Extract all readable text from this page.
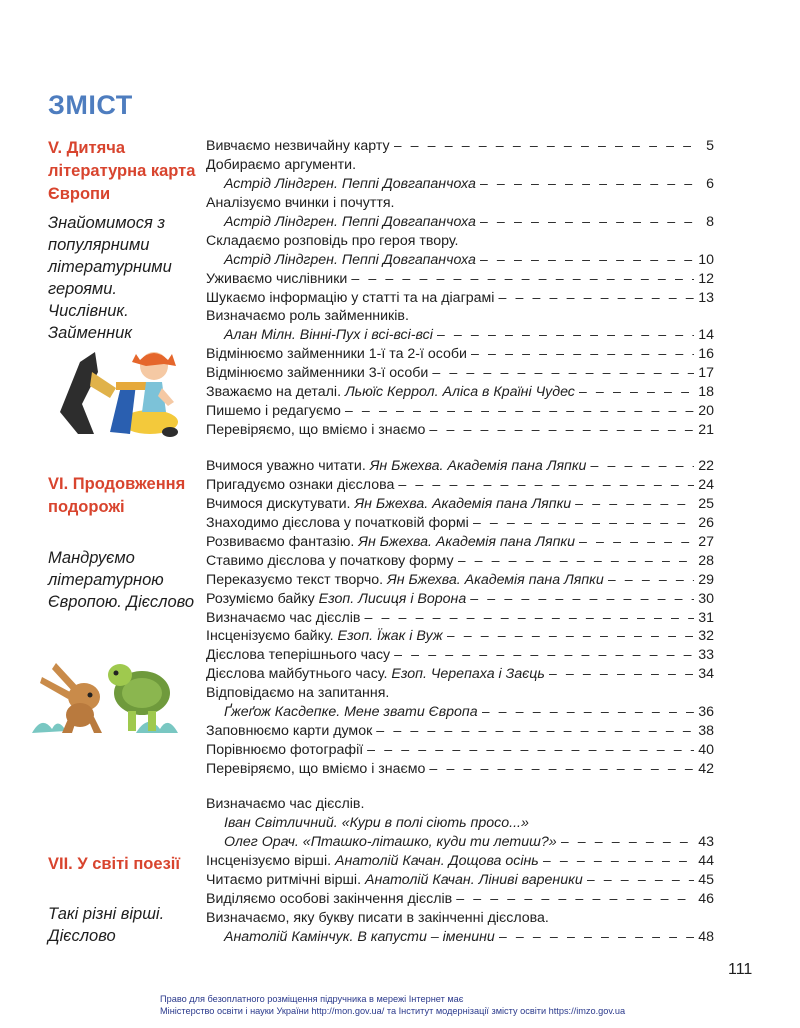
ЗМІСТ
V. Дитяча літературна карта Європи
Знайомимося з популярними літературними героями. Числівник. Займенник
VI. Продовження подорожі
Мандруємо літературною Європою. Дієслово
VII. У світі поезії
Такі різні вірші. Дієслово
Вивчаємо незвичайну карту – – –	5
Добираємо аргументи.
Астрід Ліндгрен. Пеппі Довгапанчоха – – –	6
Аналізуємо вчинки і почуття.
Астрід Ліндгрен. Пеппі Довгапанчоха – – –	8
Складаємо розповідь про героя твору.
Астрід Ліндгрен. Пеппі Довгапанчоха – – –	10
Уживаємо числівники – – –	12
Шукаємо інформацію у статті та на діаграмі – – –	13
Визначаємо роль займенників.
Алан Мілн. Вінні-Пух і всі-всі-всі – – –	14
Відмінюємо займенники 1-ї та 2-ї особи – – –	16
Відмінюємо займенники 3-ї особи – – –	17
Зважаємо на деталі. Льюїс Керрол. Аліса в Країні Чудес – – –	18
Пишемо і редагуємо – – –	20
Перевіряємо, що вміємо і знаємо – – –	21
Вчимося уважно читати. Ян Бжехва. Академія пана Ляпки – – –	22
Пригадуємо ознаки дієслова – – –	24
Вчимося дискутувати. Ян Бжехва. Академія пана Ляпки – – –	25
Знаходимо дієслова у початковій формі – – –	26
Розвиваємо фантазію. Ян Бжехва. Академія пана Ляпки – – –	27
Ставимо дієслова у початкову форму – – –	28
Переказуємо текст творчо. Ян Бжехва. Академія пана Ляпки – – –	29
Розуміємо байку Езоп. Лисиця і Ворона – – –	30
Визначаємо час дієслів – – –	31
Інсценізуємо байку. Езоп. Їжак і Вуж – – –	32
Дієслова теперішнього часу – – –	33
Дієслова майбутнього часу. Езоп. Черепаха і Заєць – – –	34
Відповідаємо на запитання.
Ґжеґож Касдепке. Мене звати Європа – – –	36
Заповнюємо карти думок – – –	38
Порівнюємо фотографії – – –	40
Перевіряємо, що вміємо і знаємо – – –	42
Визначаємо час дієслів.
Іван Світличний. «Кури в полі сіють просо...»
Олег Орач. «Пташко-літашко, куди ти летиш?» – – –	43
Інсценізуємо вірші. Анатолій Качан. Дощова осінь – – –	44
Читаємо ритмічні вірші. Анатолій Качан. Ліниві вареники – – –	45
Виділяємо особові закінчення дієслів – – –	46
Визначаємо, яку букву писати в закінченні дієслова.
Анатолій Камінчук. В капусти – іменини – – –	48
111
Право для безоплатного розміщення підручника в мережі Інтернет має
Міністерство освіти і науки України http://mon.gov.ua/ та Інститут модернізації змісту освіти https://imzo.gov.ua
